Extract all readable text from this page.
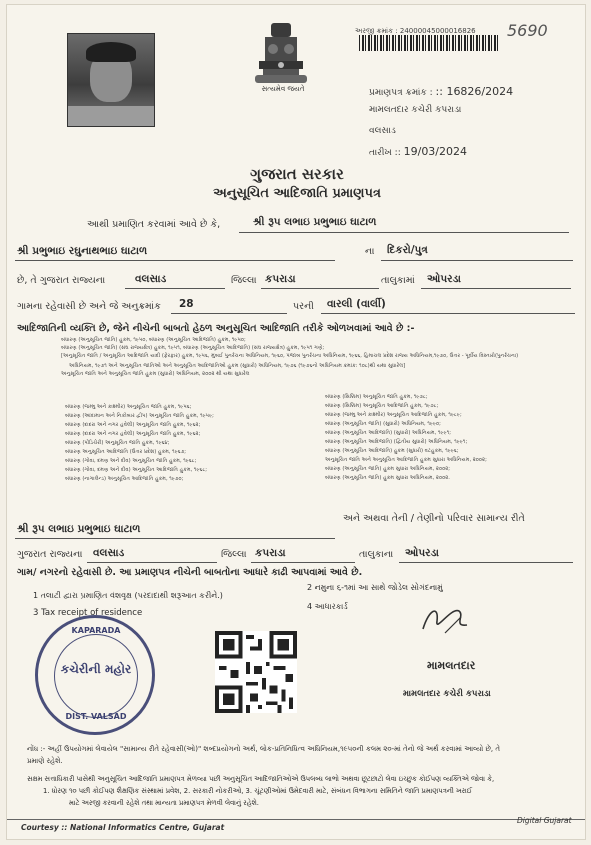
સત્યમેવ જયતે
અરજી ક્રમાંક : 24000045000016826 5690
પ્રમાણપત્ર ક્રમાંક : :: 16826/2024
મામલતદાર કચેરી કપરાડા
વલસાડ
તારીખ :: 19/03/2024
ગુજરાત સરકાર
અનુસૂચિત આદિજાતિ પ્રમાણપત્ર
આથી પ્રમાણિત કરવામાં આવે છે કે,	શ્રી રૂપ લભાઇ પ્રભુભાઇ ઘાટાળ
શ્રી પ્રભુભાઇ રઘુનાથભાઇ ઘાટાળ	ના દિકરો/પુત્ર
છે, તે ગુજરાત રાજ્યના	વલસાડ	જિલ્લા કપરાડા	તાલુકામાં ઓપરડા
ગામના રહેવાસી છે અને જે અનુક્રમાંક 28	પરની વારલી (વાર્લી)
આદિજાતિની વ્યક્તિ છે, જેને નીચેની બાબતો હેઠળ અનુસૂચિત આદિજાતિ તરીકે ઓળખવામાં આવે છે :-
બંધારણ (અનુસૂચિત જાતિ) હુકમ, ૧૯૫૦, બંધારણ (અનુસૂચિત આદિજાતિ) હુકમ, ૧૯૫૦;
બંધારણ (અનુસૂચિત જાતિ) (સંઘ રાજ્યક્ષેત્ર) હુકમ, ૧૯૫૧, બંધારણ (અનુસૂચિત આદિજાતિ) (સંઘ રાજ્યક્ષેત્ર) હુકમ, ૧૯૫૧ ગણે;
[અનુસૂચિત જાતિ / અનુસૂચિત આદિજાતિ યાદી (ફેરફાર) હુકમ, ૧૯૫૬, મુંબઈ પુનર્રચના અધિનિયમ, ૧૯૬૦, પંજાબ પુનર્રચના અધિનિયમ, ૧૯૬૬, હિમાચલ પ્રદેશ રાજ્ય અધિનિયમ,૧૯૭૦, ઉત્તર - પૂર્વીય વિસ્તારો(પુનર્રચના)
અધિનિયમ, ૧૯૭૧ અને અનુસૂચિત જાતિઓ અને અનુસૂચિત આદિજાતિઓ હુકમ (સુધારો) અધિનિયમ, ૧૯૭૬ (૧૯૭૬નો અધિનિયમ ક્રમાંક: ૧૦૮)થી યથા સુધારેલ]
અનુસૂચિત જાતિ અને અનુસૂચિત જાતિ હુકમ (સુધારો) અધિનિયમ, ૨૦૦૨ થી યથા સુધારેલ
બંધારણ (જમ્મુ અને કાશ્મીર) અનુસૂચિત જાતિ હુકમ, ૧૯૫૬;
બંધારણ (આંદામાન અને નિકોબાર દ્વીપ) અનુસૂચિત જાતિ હુકમ, ૧૯૫૯;
બંધારણ (દાદરા અને નગર હવેલી) અનુસૂચિત જાતિ હુકમ, ૧૯૬૨;
બંધારણ (દાદરા અને નગર હવેલી) અનુસૂચિત જાતિ હુકમ, ૧૯૬૨;
બંધારણ (પોંડિચેરી) અનુસૂચિત જાતિ હુકમ, ૧૯૬૪;
બંધારણ અનુસૂચિત આદિજાતિ (ઉત્તર પ્રદેશ) હુકમ, ૧૯૬૭;
બંધારણ (ગોવા, દમણ અને દીવ) અનુસૂચિત જાતિ હુકમ, ૧૯૬૮;
બંધારણ (ગોવા, દમણ અને દીવ) અનુસૂચિત આદિજાતિ હુકમ, ૧૯૬૮;
બંધારણ (નાગાલેન્ડ) અનુસૂચિત આદિજાતિ હુકમ, ૧૯૭૦;
બંધારણ (સિક્કિમ) અનુસૂચિત જાતિ હુકમ, ૧૯૭૮;
બંધારણ (સિક્કિમ) અનુસૂચિત આદિજાતિ હુકમ, ૧૯૭૮;
બંધારણ (જમ્મુ અને કાશ્મીર) અનુસૂચિત આદિજાતિ હુકમ, ૧૯૮૯;
બંધારણ (અનુસૂચિત જાતિ) (સુધારો) અધિનિયમ, ૧૯૯૦;
બંધારણ (અનુસૂચિત આદિજાતિ) (સુધારો) અધિનિયમ, ૧૯૯૧;
બંધારણ (અનુસૂચિત આદિજાતિ) (દ્વિતીય સુધારો) અધિનિયમ, ૧૯૯૧;
બંધારણ (અનુસૂચિત આદિજાતિ) હુકમ (સુધારો) વટહુકમ, ૧૯૯૬;
અનુસૂચિત જાતિ અને અનુસૂચિત આદિજાતિ હુકમ સુધારા અધિનિયમ, ૨૦૦૨;
બંધારણ (અનુસૂચિત જાતિ) હુકમ સુધારા અધિનિયમ, ૨૦૦૨;
બંધારણ (અનુસૂચિત જાતિ) હુકમ સુધારા અધિનિયમ, ૨૦૦૨.
અને અથવા તેની / તેણીનો પરિવાર સામાન્ય રીતે
શ્રી રૂપ લભાઇ પ્રભુભાઇ ઘાટાળ
ગુજરાત રાજ્યના વલસાડ	જિલ્લા કપરાડા	તાલુકાના ઓપરડા
ગામ/ નગરનો રહેવાસી છે. આ પ્રમાણપત્ર નીચેની બાબતોના આધારે કાઢી આપવામાં આવે છે.
1 તલાટી દ્વારા પ્રમાણિત વંશવૃક્ષ (પરદાદાથી શરૂઆત કરીને.)
2 નમુના ૬-૧માં આ સાથે જોડેલ સોગંદનામું
3 Tax receipt of residence
4 આધારકાર્ડ
KAPARADA
કચેરીની મહોર
DIST. VALSAD
મામલતદાર
મામલતદાર કચેરી કપરાડા
નોંધ :- અહીં ઉપયોગમાં લેવાયેલ "સામાન્ય રીતે રહેવાસી(ઓ)" શબ્દપ્રયોગનો અર્થ, લોક-પ્રતિનિધિત્વ અધિનિયમ,૧૯૫૦ની કલમ ૨૦-માં તેનો જે અર્થ કરવામાં આવ્યો છે, તે
પ્રમાણે રહેશે.
સક્ષમ સત્તાધિકારી પાસેથી અનુસૂચિત આદિજાતિ પ્રમાણપત્ર મેળવ્યા પછી અનુસૂચિત આદિજાતિઓએ ઉપલબ્ધ લાભો અથવા છૂટછાટો લેવા ઇચ્છુક કોઈપણ વ્યક્તિએ જોવા કે,
1. ધોરણ ૧૦ પછી કોઈપણ શૈક્ષણિક સંસ્થામાં પ્રવેશ, 2. સરકારી નોકરીઓ, 3. ચૂંટણીઓમાં ઉમેદવારી માટે, સંબંધન વિભાગના સમિતિને જાતિ પ્રમાણપત્રની ખરાઈ
માટે અરજી કરવાની રહેશે તથા માન્યતા પ્રમાણપત્ર મેળવી લેવાનું રહેશે.
Courtesy :: National Informatics Centre, Gujarat
Digital Gujarat
